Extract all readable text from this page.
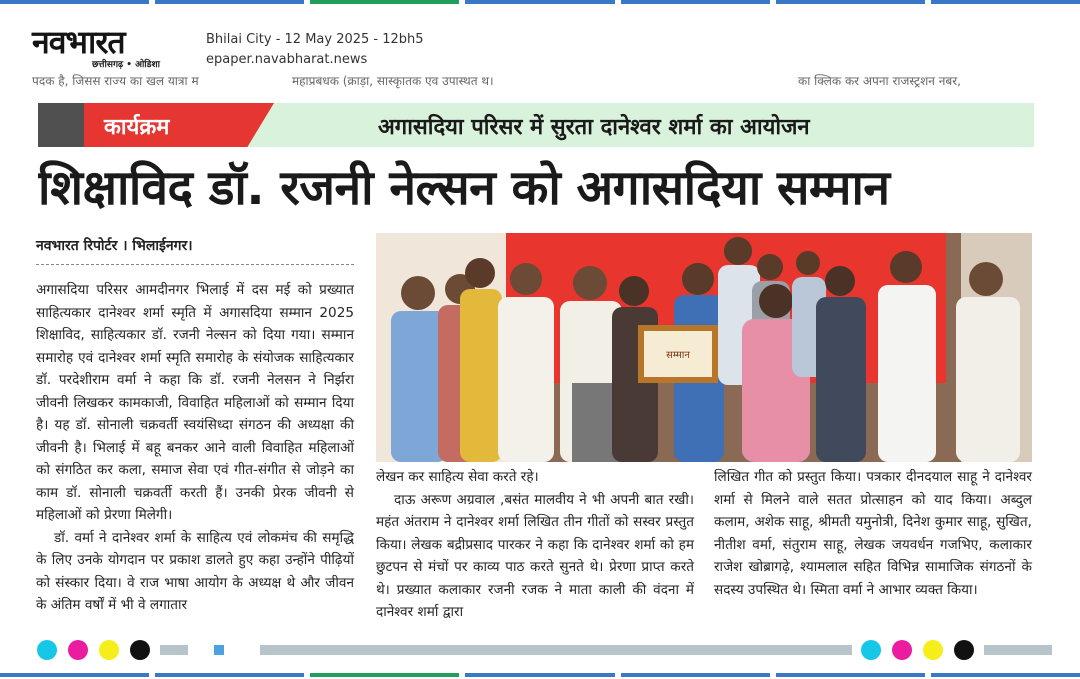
नवभारत
छत्तीसगढ़ • ओडिशा
Bhilai City - 12 May 2025 - 12bh5
epaper.navabharat.news
पदक है, जिसस राज्य का खल यात्रा म	महाप्रबधक (क्राड़ा, सास्कृातक एव उपास्थत थ।	का क्लिक कर अपना राजस्ट्रशन नबर,
कार्यक्रम	अगासदिया परिसर में सुरता दानेश्वर शर्मा का आयोजन
शिक्षाविद डॉ. रजनी नेल्सन को अगासदिया सम्मान
नवभारत रिपोर्टर । भिलाईनगर।

अगासदिया परिसर आमदीनगर भिलाई में दस मई को प्रख्यात साहित्यकार दानेश्वर शर्मा स्मृति में अगासदिया सम्मान 2025 शिक्षाविद, साहित्यकार डॉ. रजनी नेल्सन को दिया गया। सम्मान समारोह एवं दानेश्वर शर्मा स्मृति समारोह के संयोजक साहित्यकार डॉ. परदेशीराम वर्मा ने कहा कि डॉ. रजनी नेलसन ने निर्झरा जीवनी लिखकर कामकाजी, विवाहित महिलाओं को सम्मान दिया है। यह डॉ. सोनाली चक्रवर्ती स्वयंसिध्दा संगठन की अध्यक्षा की जीवनी है। भिलाई में बहू बनकर आने वाली विवाहित महिलाओं को संगठित कर कला, समाज सेवा एवं गीत-संगीत से जोड़ने का काम डॉ. सोनाली चक्रवर्ती करती हैं। उनकी प्रेरक जीवनी से महिलाओं को प्रेरणा मिलेगी।

डॉ. वर्मा ने दानेश्वर शर्मा के साहित्य एवं लोकमंच की समृद्धि के लिए उनके योगदान पर प्रकाश डालते हुए कहा उन्होंने पीढ़ियों को संस्कार दिया। वे राज भाषा आयोग के अध्यक्ष थे और जीवन के अंतिम वर्षों में भी वे लगातार

सम्मान

लेखन कर साहित्य सेवा करते रहे।

दाऊ अरूण अग्रवाल ,बसंत मालवीय ने भी अपनी बात रखी। महंत अंतराम ने दानेश्वर शर्मा लिखित तीन गीतों को सस्वर प्रस्तुत किया। लेखक बद्रीप्रसाद पारकर ने कहा कि दानेश्वर शर्मा को हम छुटपन से मंचों पर काव्य पाठ करते सुनते थे। प्रेरणा प्राप्त करते थे। प्रख्यात कलाकार रजनी रजक ने माता काली की वंदना में दानेश्वर शर्मा द्वारा

लिखित गीत को प्रस्तुत किया। पत्रकार दीनदयाल साहू ने दानेश्वर शर्मा से मिलने वाले सतत प्रोत्साहन को याद किया। अब्दुल कलाम, अशेक साहू, श्रीमती यमुनोत्री, दिनेश कुमार साहू, सुखित, नीतीश वर्मा, संतुराम साहू, लेखक जयवर्धन गजभिए, कलाकार राजेश खोब्रागढ़े, श्यामलाल सहित विभिन्न सामाजिक संगठनों के सदस्य उपस्थित थे। स्मिता वर्मा ने आभार व्यक्त किया।
